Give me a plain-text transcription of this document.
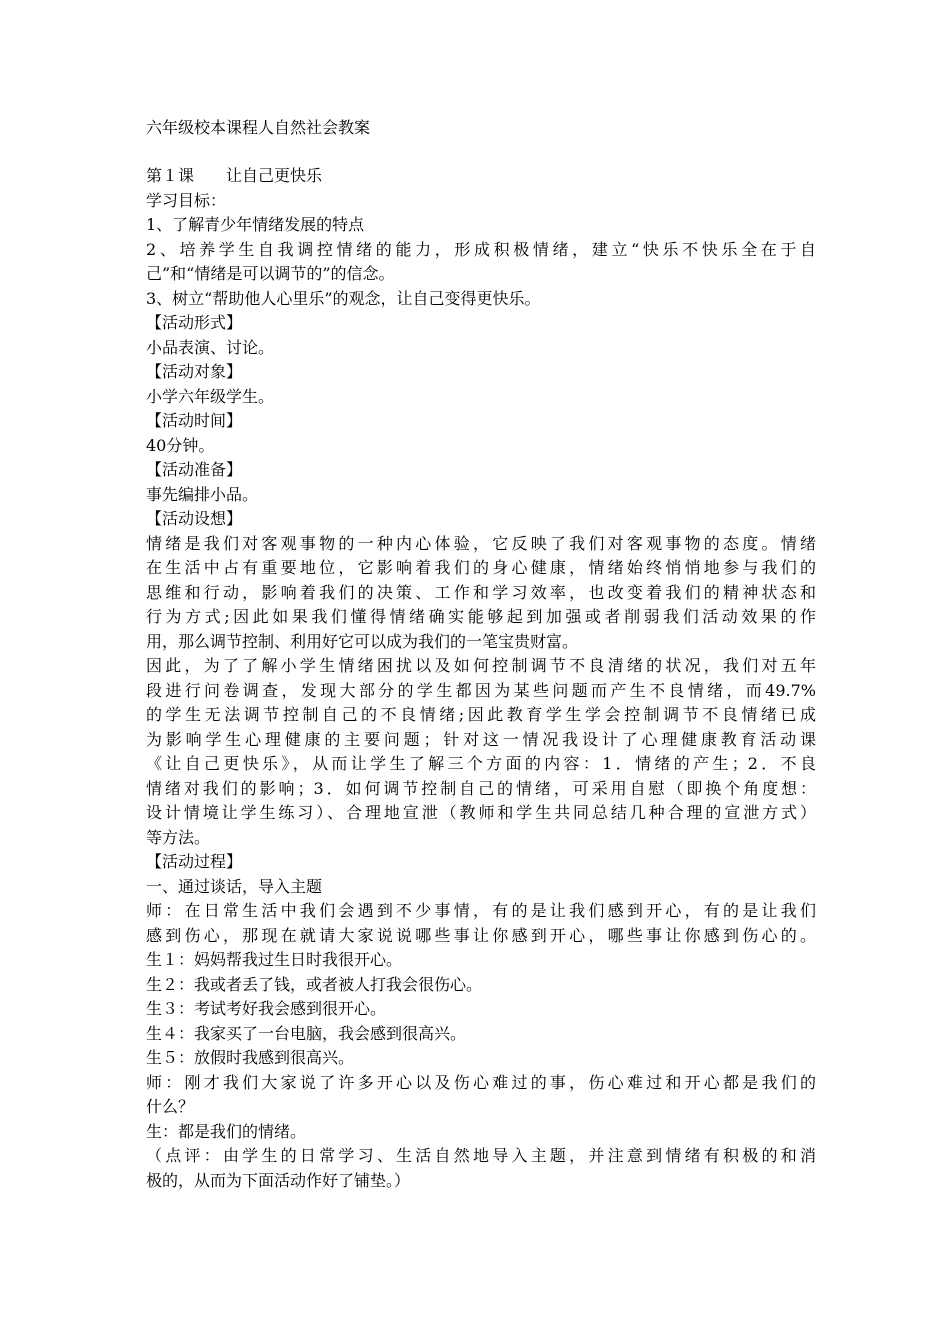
六年级校本课程人自然社会教案
第１课　　让自己更快乐
学习目标：
1、了解青少年情绪发展的特点
2、培养学生自我调控情绪的能力，形成积极情绪，建立“快乐不快乐全在于自
己”和“情绪是可以调节的”的信念。
3、树立“帮助他人心里乐”的观念，让自己变得更快乐。
【活动形式】
小品表演、讨论。
【活动对象】
小学六年级学生。
【活动时间】
40分钟。
【活动准备】
事先编排小品。
【活动设想】
情绪是我们对客观事物的一种内心体验，它反映了我们对客观事物的态度。情绪
在生活中占有重要地位，它影响着我们的身心健康，情绪始终悄悄地参与我们的
思维和行动，影响着我们的决策、工作和学习效率，也改变着我们的精神状态和
行为方式;因此如果我们懂得情绪确实能够起到加强或者削弱我们活动效果的作
用，那么调节控制、利用好它可以成为我们的一笔宝贵财富。
因此，为了了解小学生情绪困扰以及如何控制调节不良清绪的状况，我们对五年
段进行问卷调查，发现大部分的学生都因为某些问题而产生不良情绪，而49.7%
的学生无法调节控制自己的不良情绪;因此教育学生学会控制调节不良情绪已成
为影响学生心理健康的主要问题；针对这一情况我设计了心理健康教育活动课
《让自己更快乐》，从而让学生了解三个方面的内容：1．情绪的产生；2．不良
情绪对我们的影响；3．如何调节控制自己的情绪，可采用自慰（即换个角度想：
设计情境让学生练习）、合理地宣泄（教师和学生共同总结几种合理的宣泄方式）
等方法。
【活动过程】
一、通过谈话，导入主题
师：在日常生活中我们会遇到不少事情，有的是让我们感到开心，有的是让我们
感到伤心，那现在就请大家说说哪些事让你感到开心，哪些事让你感到伤心的。
生１：妈妈帮我过生日时我很开心。
生２：我或者丢了钱，或者被人打我会很伤心。
生３：考试考好我会感到很开心。
生４：我家买了一台电脑，我会感到很高兴。
生５：放假时我感到很高兴。
师：刚才我们大家说了许多开心以及伤心难过的事，伤心难过和开心都是我们的
什么？
生：都是我们的情绪。
（点评：由学生的日常学习、生活自然地导入主题，并注意到情绪有积极的和消
极的，从而为下面活动作好了铺垫。）
